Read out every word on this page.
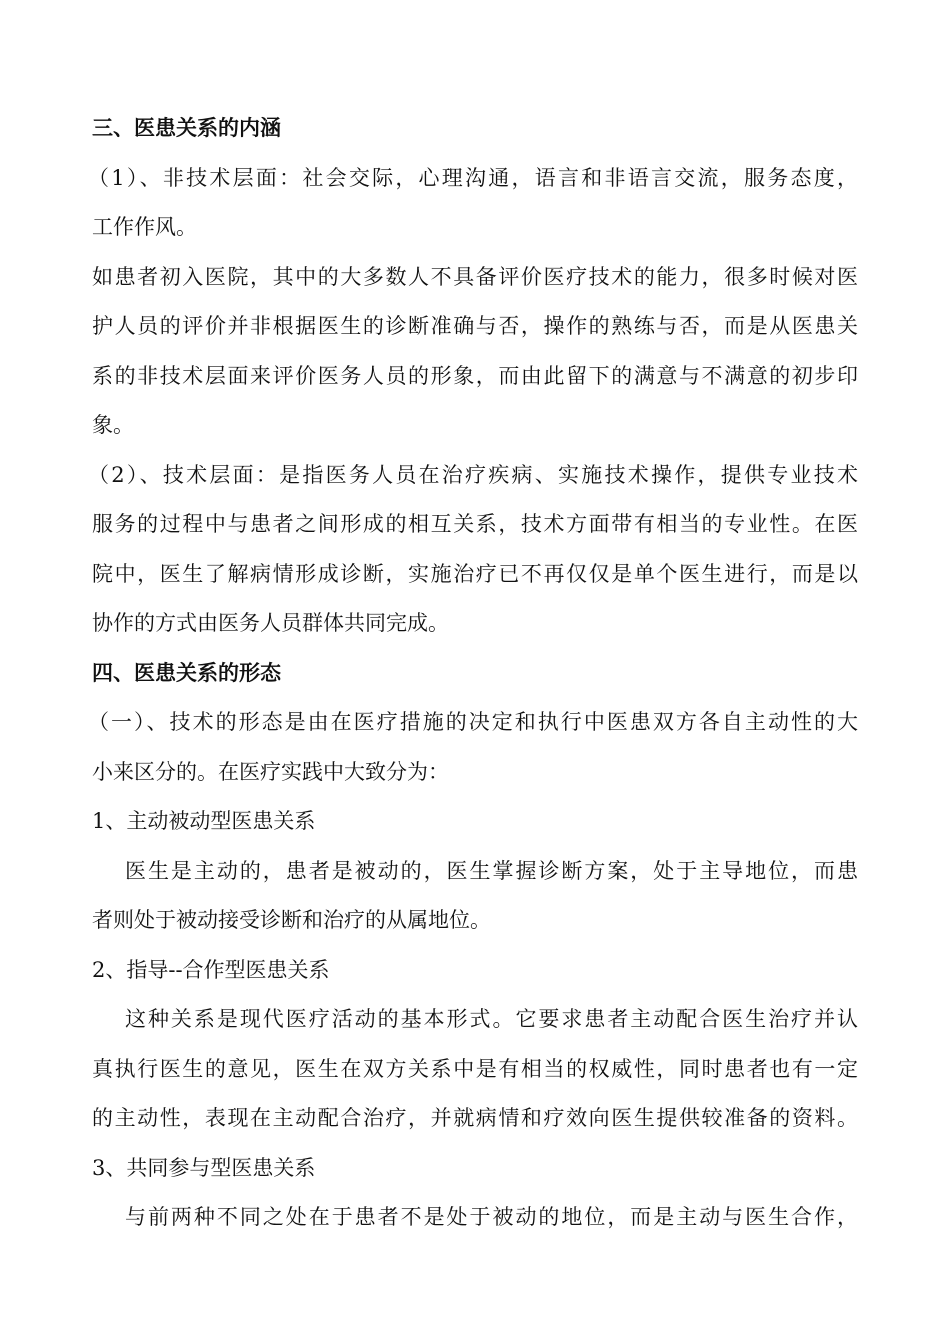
三、医患关系的内涵

（1）、非技术层面：社会交际，心理沟通，语言和非语言交流，服务态度，

工作作风。

如患者初入医院，其中的大多数人不具备评价医疗技术的能力，很多时候对医

护人员的评价并非根据医生的诊断准确与否，操作的熟练与否，而是从医患关

系的非技术层面来评价医务人员的形象，而由此留下的满意与不满意的初步印

象。

（2）、技术层面：是指医务人员在治疗疾病、实施技术操作，提供专业技术

服务的过程中与患者之间形成的相互关系，技术方面带有相当的专业性。在医

院中，医生了解病情形成诊断，实施治疗已不再仅仅是单个医生进行，而是以

协作的方式由医务人员群体共同完成。

四、医患关系的形态

（一）、技术的形态是由在医疗措施的决定和执行中医患双方各自主动性的大

小来区分的。在医疗实践中大致分为：

1、主动被动型医患关系

医生是主动的，患者是被动的，医生掌握诊断方案，处于主导地位，而患

者则处于被动接受诊断和治疗的从属地位。

2、指导--合作型医患关系

这种关系是现代医疗活动的基本形式。它要求患者主动配合医生治疗并认

真执行医生的意见，医生在双方关系中是有相当的权威性，同时患者也有一定

的主动性，表现在主动配合治疗，并就病情和疗效向医生提供较准备的资料。

3、共同参与型医患关系

与前两种不同之处在于患者不是处于被动的地位，而是主动与医生合作，
